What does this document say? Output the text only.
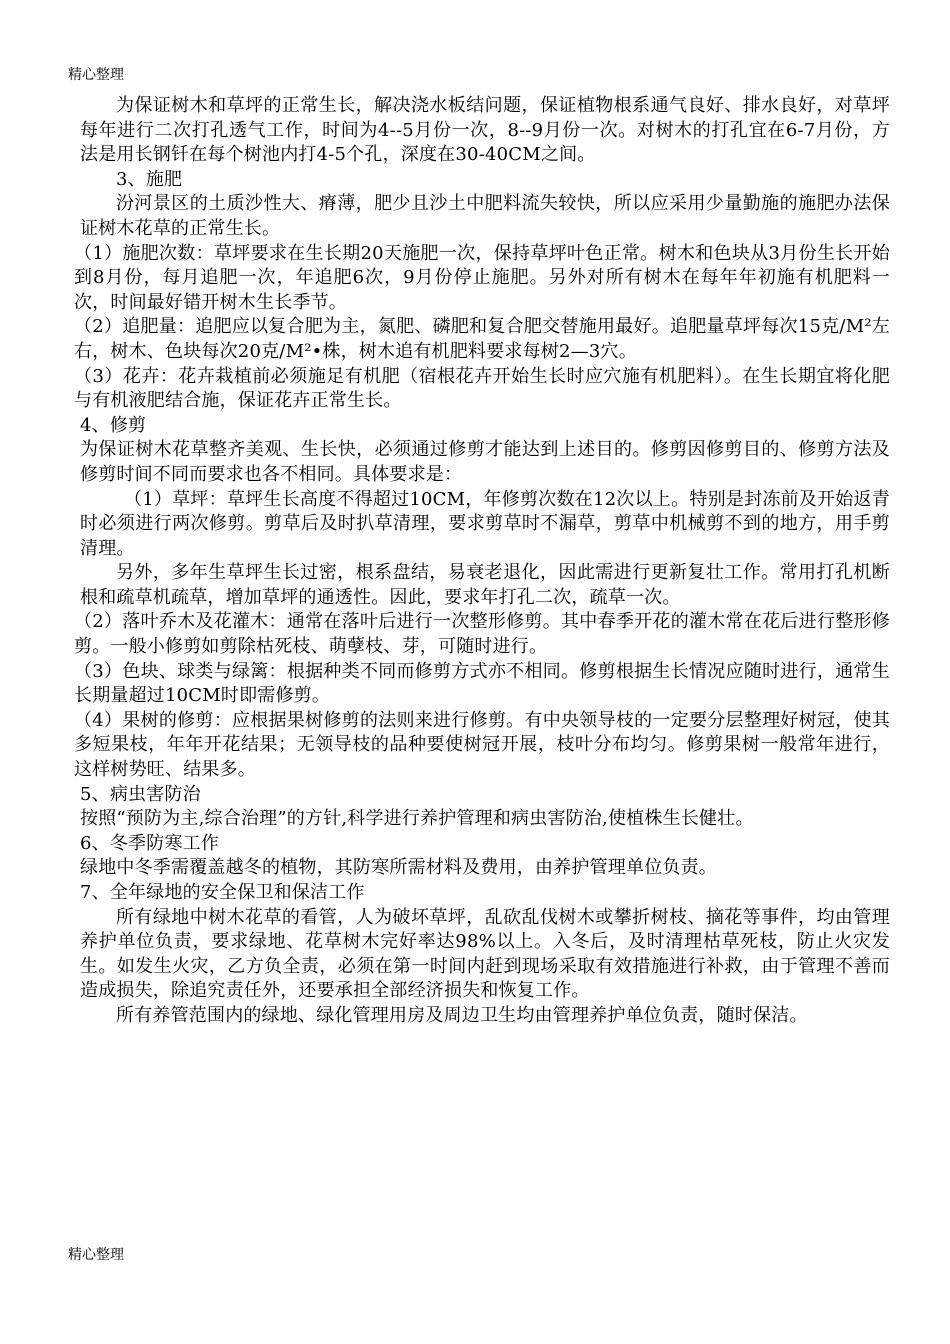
精心整理

为保证树木和草坪的正常生长，解决浇水板结问题，保证植物根系通气良好、排水良好，对草坪每年进行二次打孔透气工作，时间为4--5月份一次，8--9月份一次。对树木的打孔宜在6-7月份，方法是用长钢钎在每个树池内打4-5个孔，深度在30-40CM之间。

3、施肥

汾河景区的土质沙性大、瘠薄，肥少且沙土中肥料流失较快，所以应采用少量勤施的施肥办法保证树木花草的正常生长。

（1）施肥次数：草坪要求在生长期20天施肥一次，保持草坪叶色正常。树木和色块从3月份生长开始到8月份，每月追肥一次，年追肥6次，9月份停止施肥。另外对所有树木在每年年初施有机肥料一次，时间最好错开树木生长季节。

（2）追肥量：追肥应以复合肥为主，氮肥、磷肥和复合肥交替施用最好。追肥量草坪每次15克/M²左右，树木、色块每次20克/M²•株，树木追有机肥料要求每树2—3穴。

（3）花卉：花卉栽植前必须施足有机肥（宿根花卉开始生长时应穴施有机肥料）。在生长期宜将化肥与有机液肥结合施，保证花卉正常生长。

4、修剪

为保证树木花草整齐美观、生长快，必须通过修剪才能达到上述目的。修剪因修剪目的、修剪方法及修剪时间不同而要求也各不相同。具体要求是：

（1）草坪：草坪生长高度不得超过10CM，年修剪次数在12次以上。特别是封冻前及开始返青时必须进行两次修剪。剪草后及时扒草清理，要求剪草时不漏草，剪草中机械剪不到的地方，用手剪清理。

另外，多年生草坪生长过密，根系盘结，易衰老退化，因此需进行更新复壮工作。常用打孔机断根和疏草机疏草，增加草坪的通透性。因此，要求年打孔二次，疏草一次。

（2）落叶乔木及花灌木：通常在落叶后进行一次整形修剪。其中春季开花的灌木常在花后进行整形修剪。一般小修剪如剪除枯死枝、萌孽枝、芽，可随时进行。

（3）色块、球类与绿篱：根据种类不同而修剪方式亦不相同。修剪根据生长情况应随时进行，通常生长期量超过10CM时即需修剪。

（4）果树的修剪：应根据果树修剪的法则来进行修剪。有中央领导枝的一定要分层整理好树冠，使其多短果枝，年年开花结果；无领导枝的品种要使树冠开展，枝叶分布均匀。修剪果树一般常年进行，这样树势旺、结果多。

5、病虫害防治

按照“预防为主,综合治理”的方针,科学进行养护管理和病虫害防治,使植株生长健壮。

6、冬季防寒工作

绿地中冬季需覆盖越冬的植物，其防寒所需材料及费用，由养护管理单位负责。

7、全年绿地的安全保卫和保洁工作

所有绿地中树木花草的看管，人为破坏草坪，乱砍乱伐树木或攀折树枝、摘花等事件，均由管理养护单位负责，要求绿地、花草树木完好率达98%以上。入冬后，及时清理枯草死枝，防止火灾发生。如发生火灾，乙方负全责，必须在第一时间内赶到现场采取有效措施进行补救，由于管理不善而造成损失，除追究责任外，还要承担全部经济损失和恢复工作。

所有养管范围内的绿地、绿化管理用房及周边卫生均由管理养护单位负责，随时保洁。

精心整理
